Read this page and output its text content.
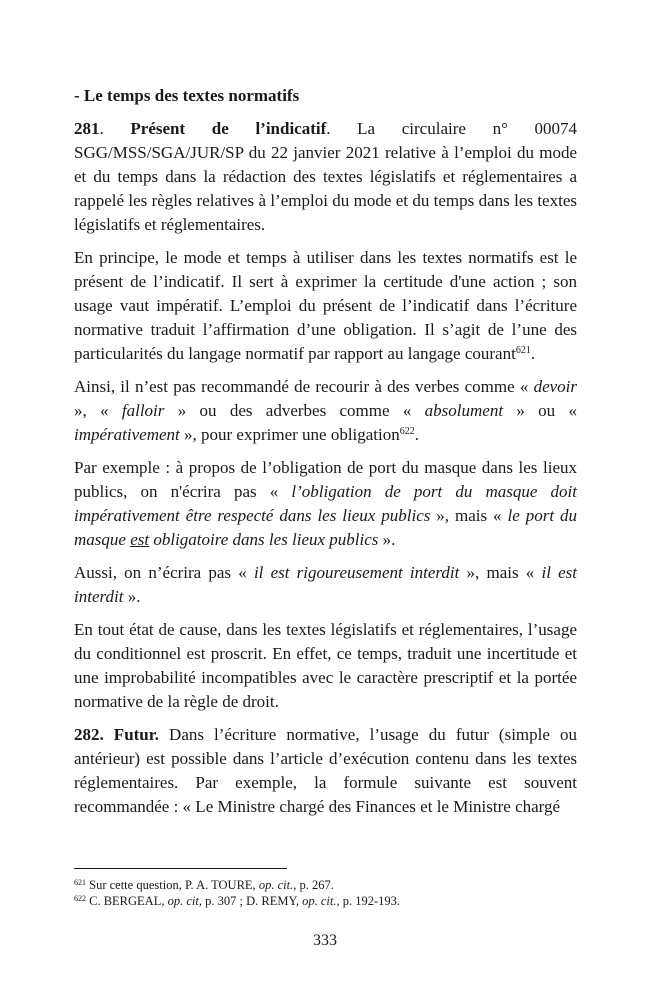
- Le temps des textes normatifs

281. Présent de l’indicatif. La circulaire n° 00074 SGG/MSS/SGA/JUR/SP du 22 janvier 2021 relative à l’emploi du mode et du temps dans la rédaction des textes législatifs et réglementaires a rappelé les règles relatives à l’emploi du mode et du temps dans les textes législatifs et réglementaires.

En principe, le mode et temps à utiliser dans les textes normatifs est le présent de l’indicatif. Il sert à exprimer la certitude d'une action ; son usage vaut impératif. L’emploi du présent de l’indicatif dans l’écriture normative traduit l’affirmation d’une obligation. Il s’agit de l’une des particularités du langage normatif par rapport au langage courant$^{621}$.

Ainsi, il n’est pas recommandé de recourir à des verbes comme « devoir », « falloir » ou des adverbes comme « absolument » ou « impérativement », pour exprimer une obligation$^{622}$.

Par exemple : à propos de l’obligation de port du masque dans les lieux publics, on n'écrira pas « l’obligation de port du masque doit impérativement être respecté dans les lieux publics », mais « le port du masque est obligatoire dans les lieux publics ».

Aussi, on n’écrira pas « il est rigoureusement interdit », mais « il est interdit ».

En tout état de cause, dans les textes législatifs et réglementaires, l’usage du conditionnel est proscrit. En effet, ce temps, traduit une incertitude et une improbabilité incompatibles avec le caractère prescriptif et la portée normative de la règle de droit.

282. Futur. Dans l’écriture normative, l’usage du futur (simple ou antérieur) est possible dans l’article d’exécution contenu dans les textes réglementaires. Par exemple, la formule suivante est souvent recommandée : « Le Ministre chargé des Finances et le Ministre chargé

$^{621}$ Sur cette question, P. A. TOURE, op. cit., p. 267.
$^{622}$ C. BERGEAL, op. cit, p. 307 ; D. REMY, op. cit., p. 192-193.
333
